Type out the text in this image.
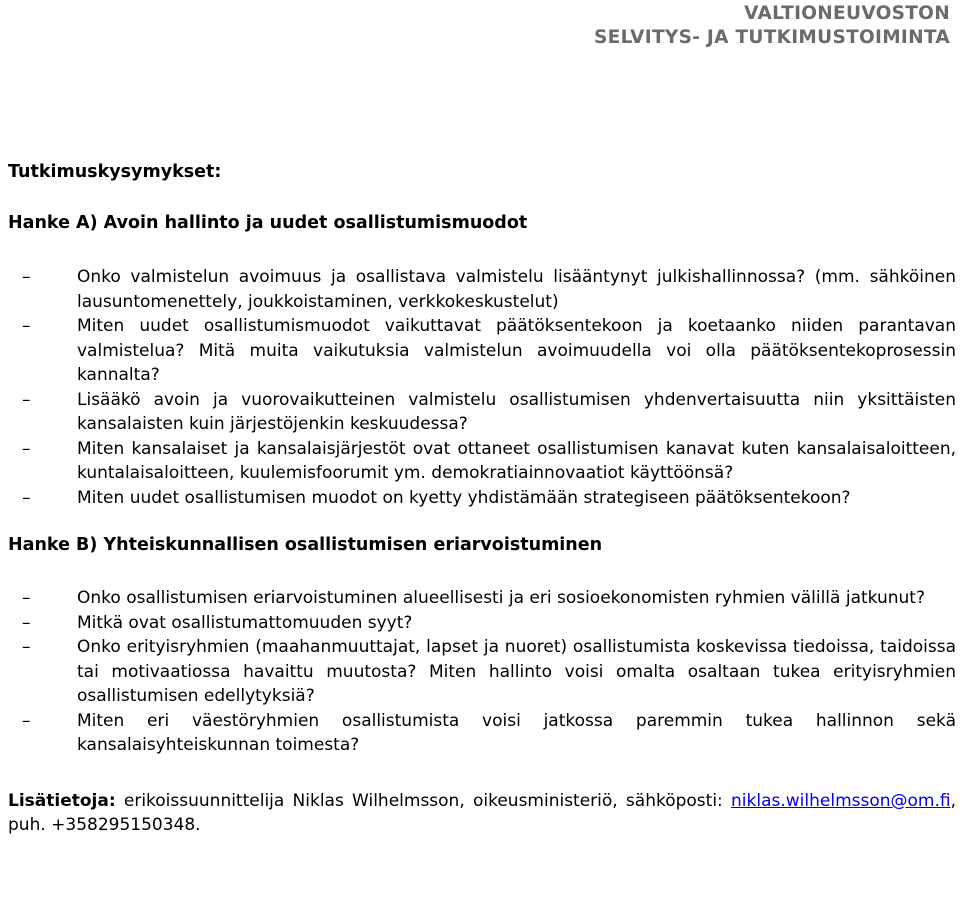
VALTIONEUVOSTON
SELVITYS- JA TUTKIMUSTOIMINTA
Tutkimuskysymykset:
Hanke A) Avoin hallinto ja uudet osallistumismuodot
–	Onko valmistelun avoimuus ja osallistava valmistelu lisääntynyt julkishallinnossa? (mm. sähköinen lausuntomenettely, joukkoistaminen, verkkokeskustelut)
–	Miten uudet osallistumismuodot vaikuttavat päätöksentekoon ja koetaanko niiden parantavan valmistelua? Mitä muita vaikutuksia valmistelun avoimuudella voi olla päätöksentekoprosessin kannalta?
–	Lisääkö avoin ja vuorovaikutteinen valmistelu osallistumisen yhdenvertaisuutta niin yksittäisten kansalaisten kuin järjestöjenkin keskuudessa?
–	Miten kansalaiset ja kansalaisjärjestöt ovat ottaneet osallistumisen kanavat kuten kansalaisaloitteen, kuntalaisaloitteen, kuulemisfoorumit ym. demokratiainnovaatiot käyttöönsä?
–	Miten uudet osallistumisen muodot on kyetty yhdistämään strategiseen päätöksentekoon?
Hanke B) Yhteiskunnallisen osallistumisen eriarvoistuminen
–	Onko osallistumisen eriarvoistuminen alueellisesti ja eri sosioekonomisten ryhmien välillä jatkunut?
–	Mitkä ovat osallistumattomuuden syyt?
–	Onko erityisryhmien (maahanmuuttajat, lapset ja nuoret) osallistumista koskevissa tiedoissa, taidoissa tai motivaatiossa havaittu muutosta? Miten hallinto voisi omalta osaltaan tukea erityisryhmien osallistumisen edellytyksiä?
–	Miten eri väestöryhmien osallistumista voisi jatkossa paremmin tukea hallinnon sekä kansalaisyhteiskunnan toimesta?
Lisätietoja: erikoissuunnittelija Niklas Wilhelmsson, oikeusministeriö, sähköposti: niklas.wilhelmsson@om.fi, puh. +358295150348.
